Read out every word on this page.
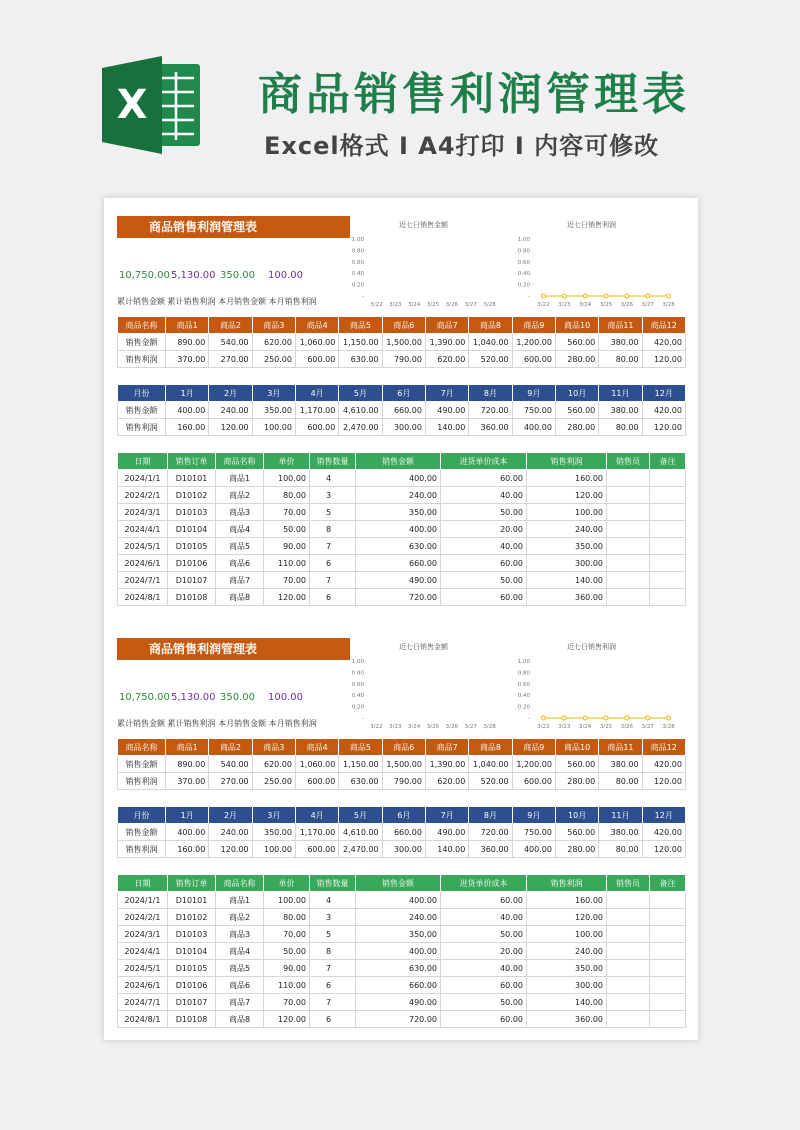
X	商品销售利润管理表
Excel格式 I A4打印 I 内容可修改
商品销售利润管理表
10,750.00 5,130.00 350.00 100.00
累计销售金额 累计销售利润 本月销售金额 本月销售利润
1.00
0.80
0.60
0.40
0.20
-
3/22 3/23 3/24 3/25 3/26 3/27 3/28
近七日销售金额
1.00
0.80
0.60
0.40
0.20
-
3/22 3/23 3/24 3/25 3/26 3/27 3/28
近七日销售利润
商品名称	商品1	商品2	商品3	商品4	商品5	商品6	商品7	商品8	商品9	商品10	商品11	商品12
销售金额	890.00	540.00	620.00	1,060.00	1,150.00	1,500.00	1,390.00	1,040.00	1,200.00	560.00	380.00	420.00
销售利润	370.00	270.00	250.00	600.00	630.00	790.00	620.00	520.00	600.00	280.00	80.00	120.00
月份	1月	2月	3月	4月	5月	6月	7月	8月	9月	10月	11月	12月
销售金额	400.00	240.00	350.00	1,170.00	4,610.00	660.00	490.00	720.00	750.00	560.00	380.00	420.00
销售利润	160.00	120.00	100.00	600.00	2,470.00	300.00	140.00	360.00	400.00	280.00	80.00	120.00
日期	销售订单	商品名称	单价	销售数量	销售金额	进货单价成本	销售利润	销售员	备注
2024/1/1	D10101	商品1	100.00	4	400.00	60.00	160.00		
2024/2/1	D10102	商品2	80.00	3	240.00	40.00	120.00		
2024/3/1	D10103	商品3	70.00	5	350.00	50.00	100.00		
2024/4/1	D10104	商品4	50.00	8	400.00	20.00	240.00		
2024/5/1	D10105	商品5	90.00	7	630.00	40.00	350.00		
2024/6/1	D10106	商品6	110.00	6	660.00	60.00	300.00		
2024/7/1	D10107	商品7	70.00	7	490.00	50.00	140.00		
2024/8/1	D10108	商品8	120.00	6	720.00	60.00	360.00		
商品销售利润管理表
10,750.00 5,130.00 350.00 100.00
累计销售金额 累计销售利润 本月销售金额 本月销售利润
1.00
0.80
0.60
0.40
0.20
-
3/22 3/23 3/24 3/25 3/26 3/27 3/28
近七日销售金额
1.00
0.80
0.60
0.40
0.20
-
3/22 3/23 3/24 3/25 3/26 3/27 3/28
近七日销售利润
商品名称	商品1	商品2	商品3	商品4	商品5	商品6	商品7	商品8	商品9	商品10	商品11	商品12
销售金额	890.00	540.00	620.00	1,060.00	1,150.00	1,500.00	1,390.00	1,040.00	1,200.00	560.00	380.00	420.00
销售利润	370.00	270.00	250.00	600.00	630.00	790.00	620.00	520.00	600.00	280.00	80.00	120.00
月份	1月	2月	3月	4月	5月	6月	7月	8月	9月	10月	11月	12月
销售金额	400.00	240.00	350.00	1,170.00	4,610.00	660.00	490.00	720.00	750.00	560.00	380.00	420.00
销售利润	160.00	120.00	100.00	600.00	2,470.00	300.00	140.00	360.00	400.00	280.00	80.00	120.00
日期	销售订单	商品名称	单价	销售数量	销售金额	进货单价成本	销售利润	销售员	备注
2024/1/1	D10101	商品1	100.00	4	400.00	60.00	160.00		
2024/2/1	D10102	商品2	80.00	3	240.00	40.00	120.00		
2024/3/1	D10103	商品3	70.00	5	350.00	50.00	100.00		
2024/4/1	D10104	商品4	50.00	8	400.00	20.00	240.00		
2024/5/1	D10105	商品5	90.00	7	630.00	40.00	350.00		
2024/6/1	D10106	商品6	110.00	6	660.00	60.00	300.00		
2024/7/1	D10107	商品7	70.00	7	490.00	50.00	140.00		
2024/8/1	D10108	商品8	120.00	6	720.00	60.00	360.00		
